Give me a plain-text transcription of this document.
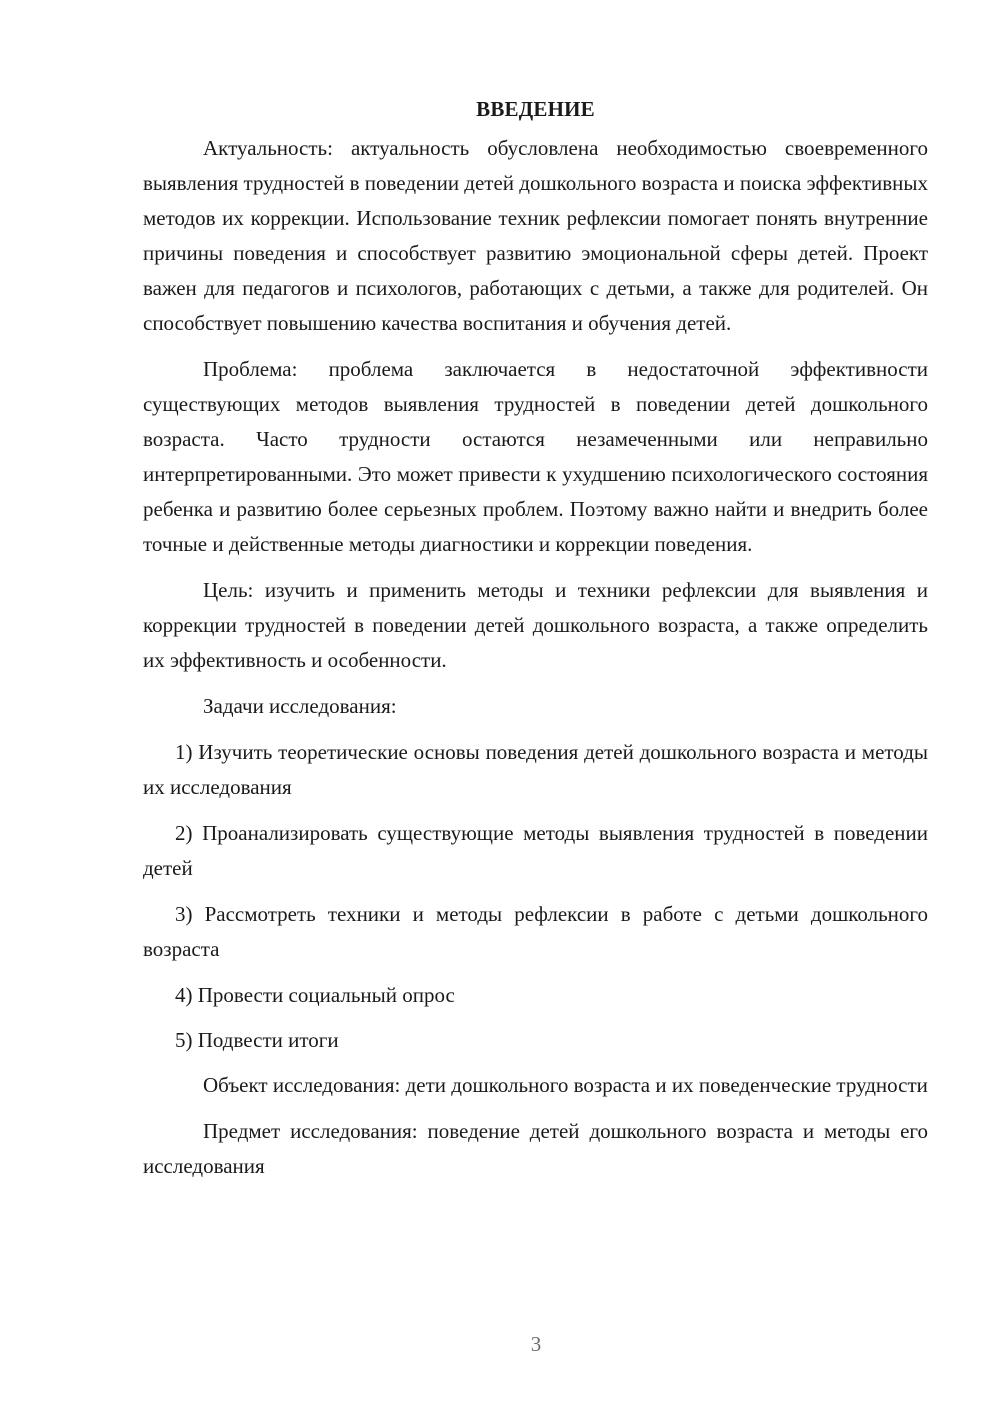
ВВЕДЕНИЕ

Актуальность: актуальность обусловлена необходимостью своевременного выявления трудностей в поведении детей дошкольного возраста и поиска эффективных методов их коррекции. Использование техник рефлексии помогает понять внутренние причины поведения и способствует развитию эмоциональной сферы детей. Проект важен для педагогов и психологов, работающих с детьми, а также для родителей. Он способствует повышению качества воспитания и обучения детей.

Проблема: проблема заключается в недостаточной эффективности существующих методов выявления трудностей в поведении детей дошкольного возраста. Часто трудности остаются незамеченными или неправильно интерпретированными. Это может привести к ухудшению психологического состояния ребенка и развитию более серьезных проблем. Поэтому важно найти и внедрить более точные и действенные методы диагностики и коррекции поведения.

Цель: изучить и применить методы и техники рефлексии для выявления и коррекции трудностей в поведении детей дошкольного возраста, а также определить их эффективность и особенности.

Задачи исследования:

1) Изучить теоретические основы поведения детей дошкольного возраста и методы их исследования

2) Проанализировать существующие методы выявления трудностей в поведении детей

3) Рассмотреть техники и методы рефлексии в работе с детьми дошкольного возраста

4) Провести социальный опрос

5) Подвести итоги

Объект исследования: дети дошкольного возраста и их поведенческие трудности

Предмет исследования: поведение детей дошкольного возраста и методы его исследования

3
